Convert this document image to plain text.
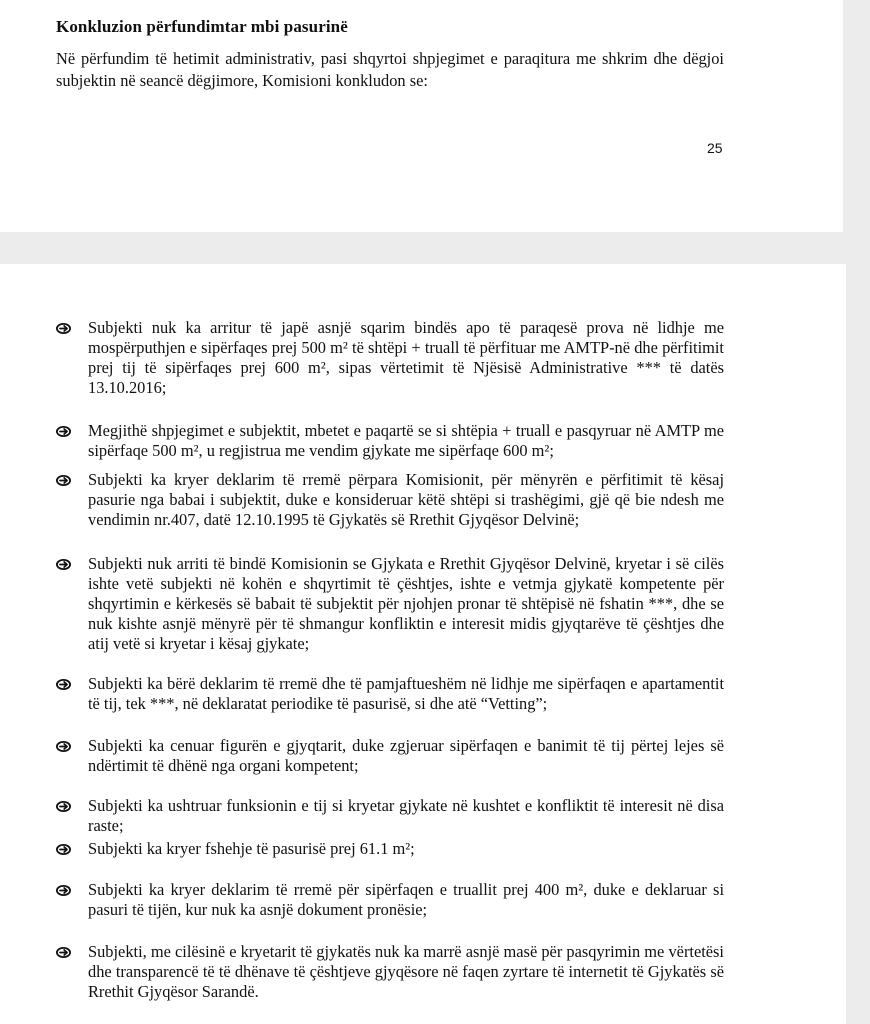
Konkluzion përfundimtar mbi pasurinë
Në përfundim të hetimit administrativ, pasi shqyrtoi shpjegimet e paraqitura me shkrim dhe dëgjoi subjektin në seancë dëgjimore, Komisioni konkludon se:
25
Subjekti nuk ka arritur të japë asnjë sqarim bindës apo të paraqesë prova në lidhje me mospërputhjen e sipërfaqes prej 500 m² të shtëpi + truall të përfituar me AMTP-në dhe përfitimit prej tij të sipërfaqes prej 600 m², sipas vërtetimit të Njësisë Administrative *** të datës 13.10.2016;
Megjithë shpjegimet e subjektit, mbetet e paqartë se si shtëpia + truall e pasqyruar në AMTP me sipërfaqe 500 m², u regjistrua me vendim gjykate me sipërfaqe 600 m²;
Subjekti ka kryer deklarim të rremë përpara Komisionit, për mënyrën e përfitimit të kësaj pasurie nga babai i subjektit, duke e konsideruar këtë shtëpi si trashëgimi, gjë që bie ndesh me vendimin nr.407, datë 12.10.1995 të Gjykatës së Rrethit Gjyqësor Delvinë;
Subjekti nuk arriti të bindë Komisionin se Gjykata e Rrethit Gjyqësor Delvinë, kryetar i së cilës ishte vetë subjekti në kohën e shqyrtimit të çështjes, ishte e vetmja gjykatë kompetente për shqyrtimin e kërkesës së babait të subjektit për njohjen pronar të shtëpisë në fshatin ***, dhe se nuk kishte asnjë mënyrë për të shmangur konfliktin e interesit midis gjyqtarëve të çështjes dhe atij vetë si kryetar i kësaj gjykate;
Subjekti ka bërë deklarim të rremë dhe të pamjaftueshëm në lidhje me sipërfaqen e apartamentit të tij, tek ***, në deklaratat periodike të pasurisë, si dhe atë “Vetting”;
Subjekti ka cenuar figurën e gjyqtarit, duke zgjeruar sipërfaqen e banimit të tij përtej lejes së ndërtimit të dhënë nga organi kompetent;
Subjekti ka ushtruar funksionin e tij si kryetar gjykate në kushtet e konfliktit të interesit në disa raste;
Subjekti ka kryer fshehje të pasurisë prej 61.1 m²;
Subjekti ka kryer deklarim të rremë për sipërfaqen e truallit prej 400 m², duke e deklaruar si pasuri të tijën, kur nuk ka asnjë dokument pronësie;
Subjekti, me cilësinë e kryetarit të gjykatës nuk ka marrë asnjë masë për pasqyrimin me vërtetësi dhe transparencë të të dhënave të çështjeve gjyqësore në faqen zyrtare të internetit të Gjykatës së Rrethit Gjyqësor Sarandë.
